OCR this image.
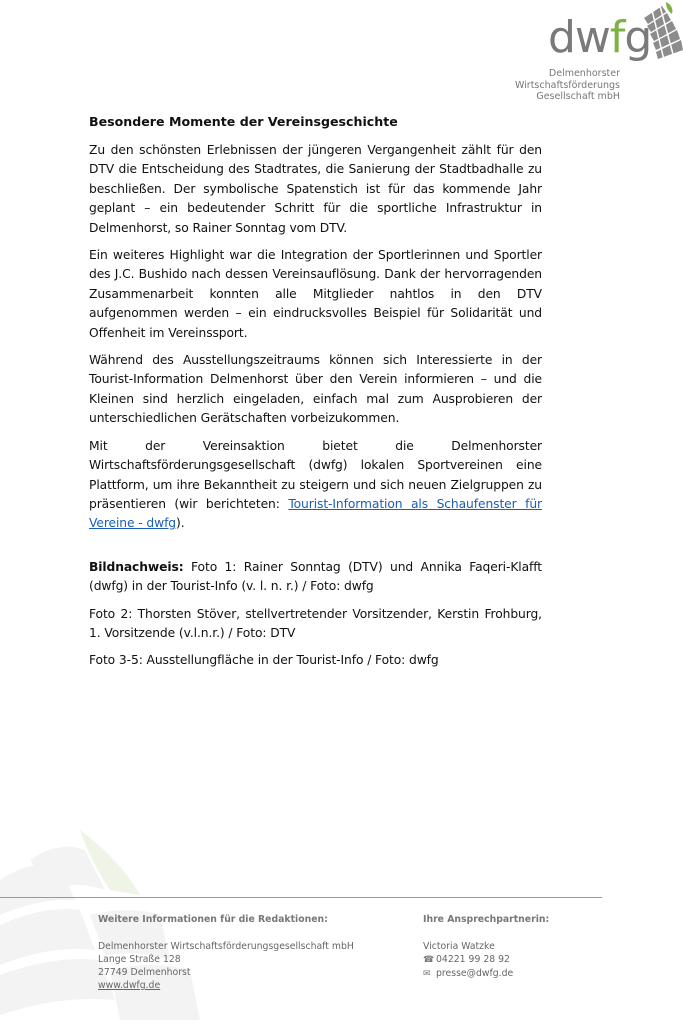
dwfg
Delmenhorster
Wirtschaftsförderungs
Gesellschaft mbH
Besondere Momente der Vereinsgeschichte

Zu den schönsten Erlebnissen der jüngeren Vergangenheit zählt für den DTV die Entscheidung des Stadtrates, die Sanierung der Stadtbadhalle zu beschließen. Der symbolische Spatenstich ist für das kommende Jahr geplant – ein bedeutender Schritt für die sportliche Infrastruktur in Delmenhorst, so Rainer Sonntag vom DTV.

Ein weiteres Highlight war die Integration der Sportlerinnen und Sportler des J.C. Bushido nach dessen Vereinsauflösung. Dank der hervorragenden Zusammenarbeit konnten alle Mitglieder nahtlos in den DTV aufgenommen werden – ein eindrucksvolles Beispiel für Solidarität und Offenheit im Vereinssport.

Während des Ausstellungszeitraums können sich Interessierte in der Tourist-Information Delmenhorst über den Verein informieren – und die Kleinen sind herzlich eingeladen, einfach mal zum Ausprobieren der unterschiedlichen Gerätschaften vorbeizukommen.

Mit der Vereinsaktion bietet die Delmenhorster Wirtschaftsförderungsgesellschaft (dwfg) lokalen Sportvereinen eine Plattform, um ihre Bekanntheit zu steigern und sich neuen Zielgruppen zu präsentieren (wir berichteten: Tourist-Information als Schaufenster für Vereine - dwfg).

Bildnachweis: Foto 1: Rainer Sonntag (DTV) und Annika Faqeri-Klafft (dwfg) in der Tourist-Info (v. l. n. r.) / Foto: dwfg

Foto 2: Thorsten Stöver, stellvertretender Vorsitzender, Kerstin Frohburg, 1. Vorsitzende (v.l.n.r.) / Foto: DTV

Foto 3-5: Ausstellungfläche in der Tourist-Info / Foto: dwfg

Weitere Informationen für die Redaktionen:
Delmenhorster Wirtschaftsförderungsgesellschaft mbH
Lange Straße 128
27749 Delmenhorst
www.dwfg.de
Ihre Ansprechpartnerin:
Victoria Watzke
☎ 04221 99 28 92
✉ presse@dwfg.de
